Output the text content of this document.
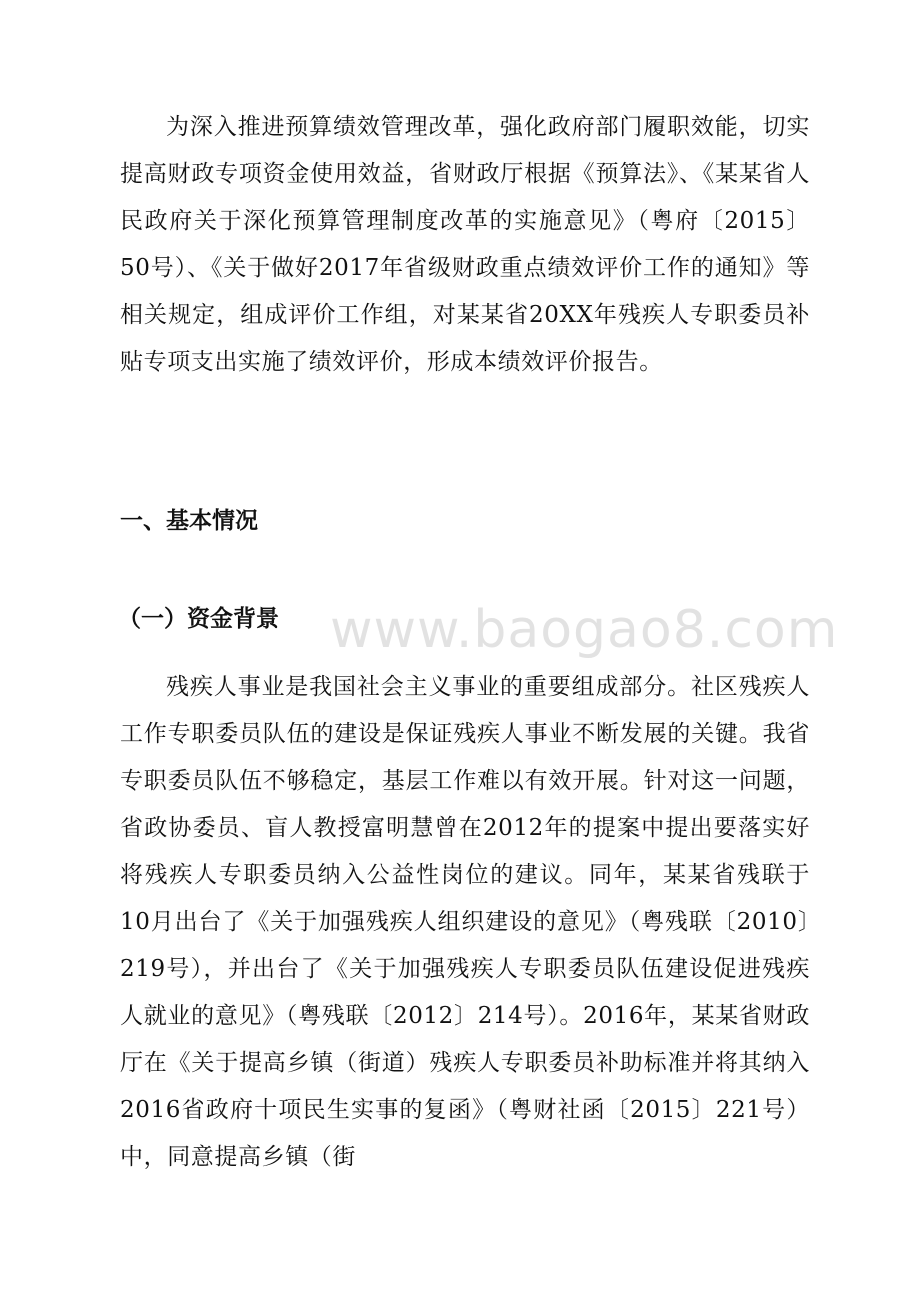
为深入推进预算绩效管理改革，强化政府部门履职效能，切实提高财政专项资金使用效益，省财政厅根据《预算法》、《某某省人民政府关于深化预算管理制度改革的实施意见》（粤府〔2015〕50号）、《关于做好2017年省级财政重点绩效评价工作的通知》等相关规定，组成评价工作组，对某某省20XX年残疾人专职委员补贴专项支出实施了绩效评价，形成本绩效评价报告。

一、基本情况
（一）资金背景 www.baogao8.com

残疾人事业是我国社会主义事业的重要组成部分。社区残疾人工作专职委员队伍的建设是保证残疾人事业不断发展的关键。我省专职委员队伍不够稳定，基层工作难以有效开展。针对这一问题，省政协委员、盲人教授富明慧曾在2012年的提案中提出要落实好将残疾人专职委员纳入公益性岗位的建议。同年，某某省残联于10月出台了《关于加强残疾人组织建设的意见》（粤残联〔2010〕219号），并出台了《关于加强残疾人专职委员队伍建设促进残疾人就业的意见》（粤残联〔2012〕214号）。2016年，某某省财政厅在《关于提高乡镇（街道）残疾人专职委员补助标准并将其纳入2016省政府十项民生实事的复函》（粤财社函〔2015〕221号）中，同意提高乡镇（街
